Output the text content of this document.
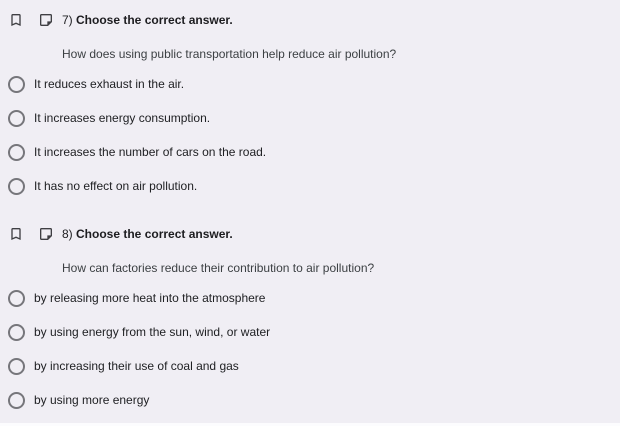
7) Choose the correct answer.
How does using public transportation help reduce air pollution?
It reduces exhaust in the air.
It increases energy consumption.
It increases the number of cars on the road.
It has no effect on air pollution.
8) Choose the correct answer.
How can factories reduce their contribution to air pollution?
by releasing more heat into the atmosphere
by using energy from the sun, wind, or water
by increasing their use of coal and gas
by using more energy
